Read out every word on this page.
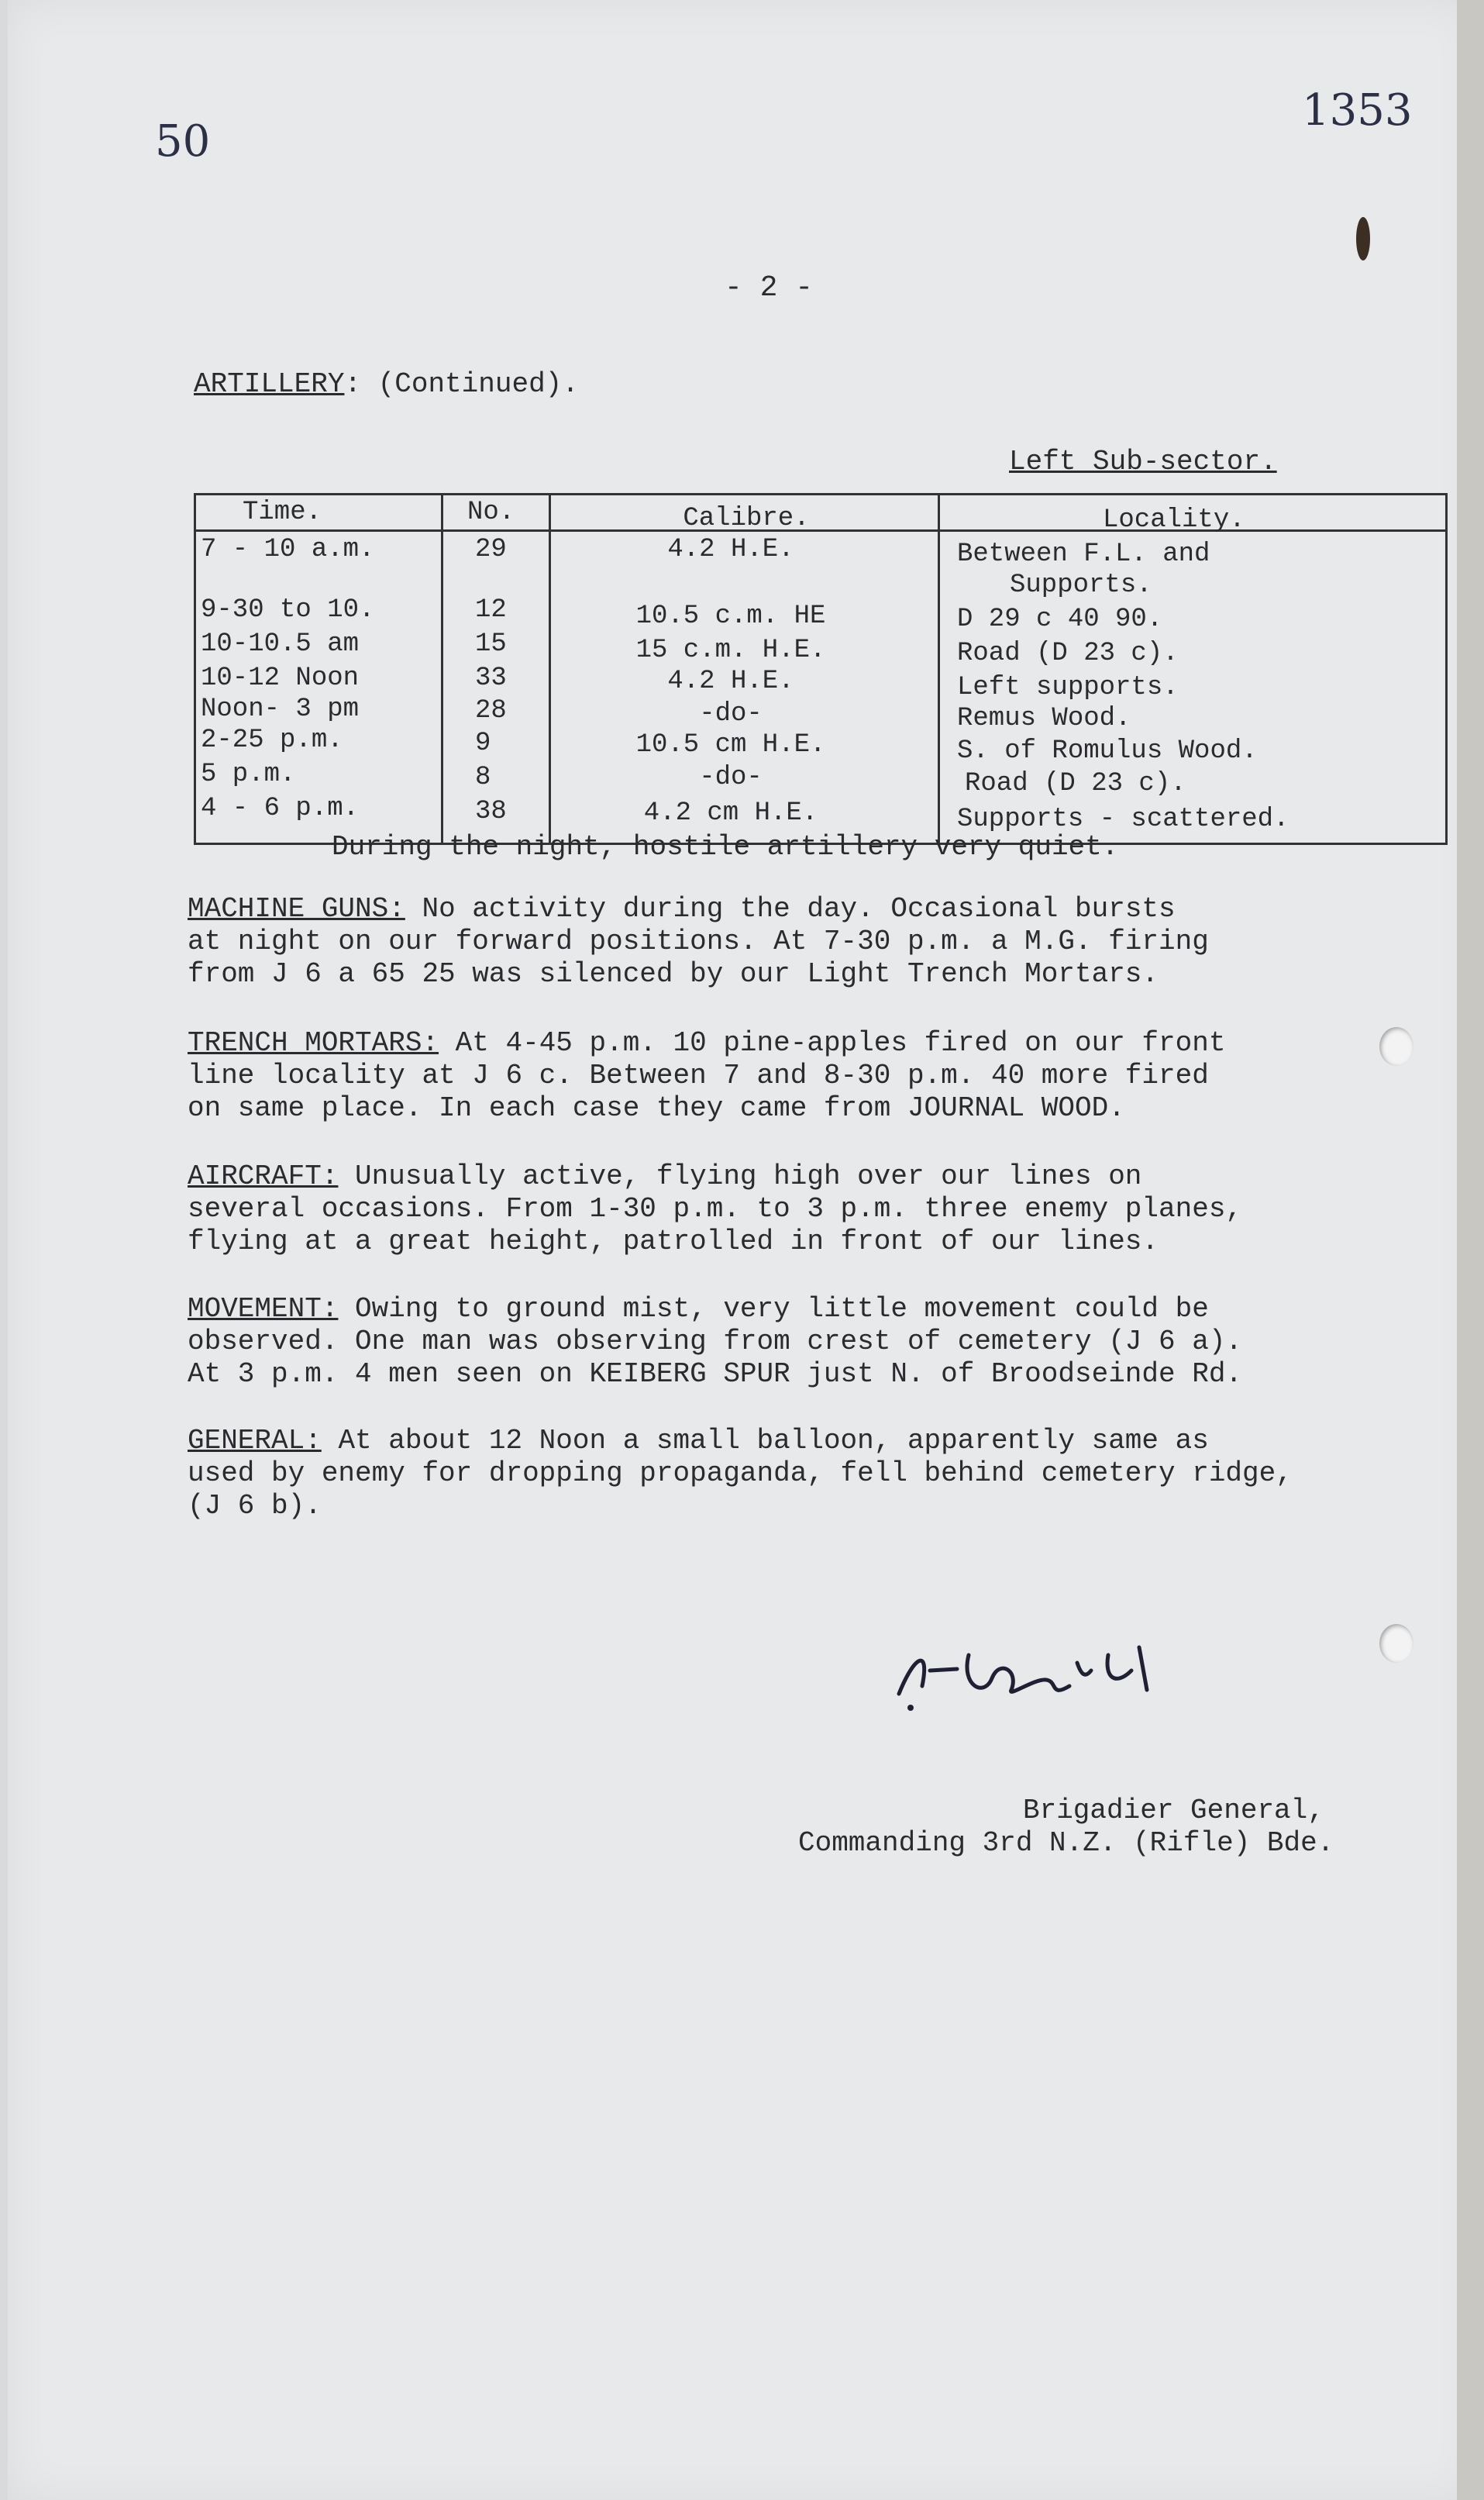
50
1353
- 2 -
ARTILLERY: (Continued).
Left Sub-sector.
Time.	No.	Calibre.	Locality.
7 - 10 a.m.	29	4.2 H.E.	Between F.L. and
Supports.
9-30 to 10.	12	10.5 c.m. HE	D 29 c 40 90.
10-10.5 am	15	15 c.m. H.E.	Road (D 23 c).
10-12 Noon	33	4.2 H.E.	Left supports.
Noon- 3 pm	28	-do-	Remus Wood.
2-25 p.m.	9	10.5 cm H.E.	S. of Romulus Wood.
5 p.m.	8	-do-	Road (D 23 c).
4 - 6 p.m.	38	4.2 cm H.E.	Supports - scattered.
During the night, hostile artillery very quiet.

MACHINE GUNS: No activity during the day. Occasional bursts

at night on our forward positions. At 7-30 p.m. a M.G. firing

from J 6 a 65 25 was silenced by our Light Trench Mortars.

TRENCH MORTARS: At 4-45 p.m. 10 pine-apples fired on our front

line locality at J 6 c. Between 7 and 8-30 p.m. 40 more fired

on same place. In each case they came from JOURNAL WOOD.

AIRCRAFT: Unusually active, flying high over our lines on

several occasions. From 1-30 p.m. to 3 p.m. three enemy planes,

flying at a great height, patrolled in front of our lines.

MOVEMENT: Owing to ground mist, very little movement could be

observed. One man was observing from crest of cemetery (J 6 a).

At 3 p.m. 4 men seen on KEIBERG SPUR just N. of Broodseinde Rd.

GENERAL: At about 12 Noon a small balloon, apparently same as

used by enemy for dropping propaganda, fell behind cemetery ridge,

(J 6 b).

Brigadier General,

Commanding 3rd N.Z. (Rifle) Bde.
